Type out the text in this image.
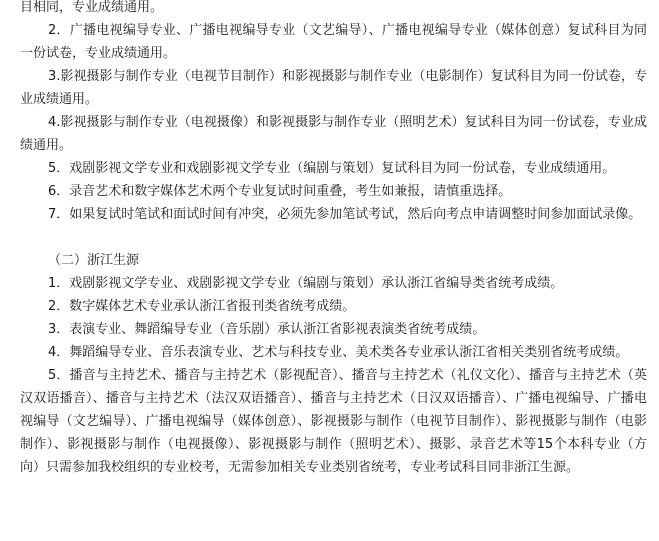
目相同，专业成绩通用。

2．广播电视编导专业、广播电视编导专业（文艺编导）、广播电视编导专业（媒体创意）复试科目为同一份试卷，专业成绩通用。

3.影视摄影与制作专业（电视节目制作）和影视摄影与制作专业（电影制作）复试科目为同一份试卷，专业成绩通用。

4.影视摄影与制作专业（电视摄像）和影视摄影与制作专业（照明艺术）复试科目为同一份试卷，专业成绩通用。

5．戏剧影视文学专业和戏剧影视文学专业（编剧与策划）复试科目为同一份试卷，专业成绩通用。

6．录音艺术和数字媒体艺术两个专业复试时间重叠，考生如兼报，请慎重选择。

7．如果复试时笔试和面试时间有冲突，必须先参加笔试考试，然后向考点申请调整时间参加面试录像。

（二）浙江生源

1．戏剧影视文学专业、戏剧影视文学专业（编剧与策划）承认浙江省编导类省统考成绩。

2．数字媒体艺术专业承认浙江省报刊类省统考成绩。

3．表演专业、舞蹈编导专业（音乐剧）承认浙江省影视表演类省统考成绩。

4．舞蹈编导专业、音乐表演专业、艺术与科技专业、美术类各专业承认浙江省相关类别省统考成绩。

5．播音与主持艺术、播音与主持艺术（影视配音）、播音与主持艺术（礼仪文化）、播音与主持艺术（英汉双语播音）、播音与主持艺术（法汉双语播音）、播音与主持艺术（日汉双语播音）、广播电视编导、广播电视编导（文艺编导）、广播电视编导（媒体创意）、影视摄影与制作（电视节目制作）、影视摄影与制作（电影制作）、影视摄影与制作（电视摄像）、影视摄影与制作（照明艺术）、摄影、录音艺术等15个本科专业（方向）只需参加我校组织的专业校考，无需参加相关专业类别省统考，专业考试科目同非浙江生源。
